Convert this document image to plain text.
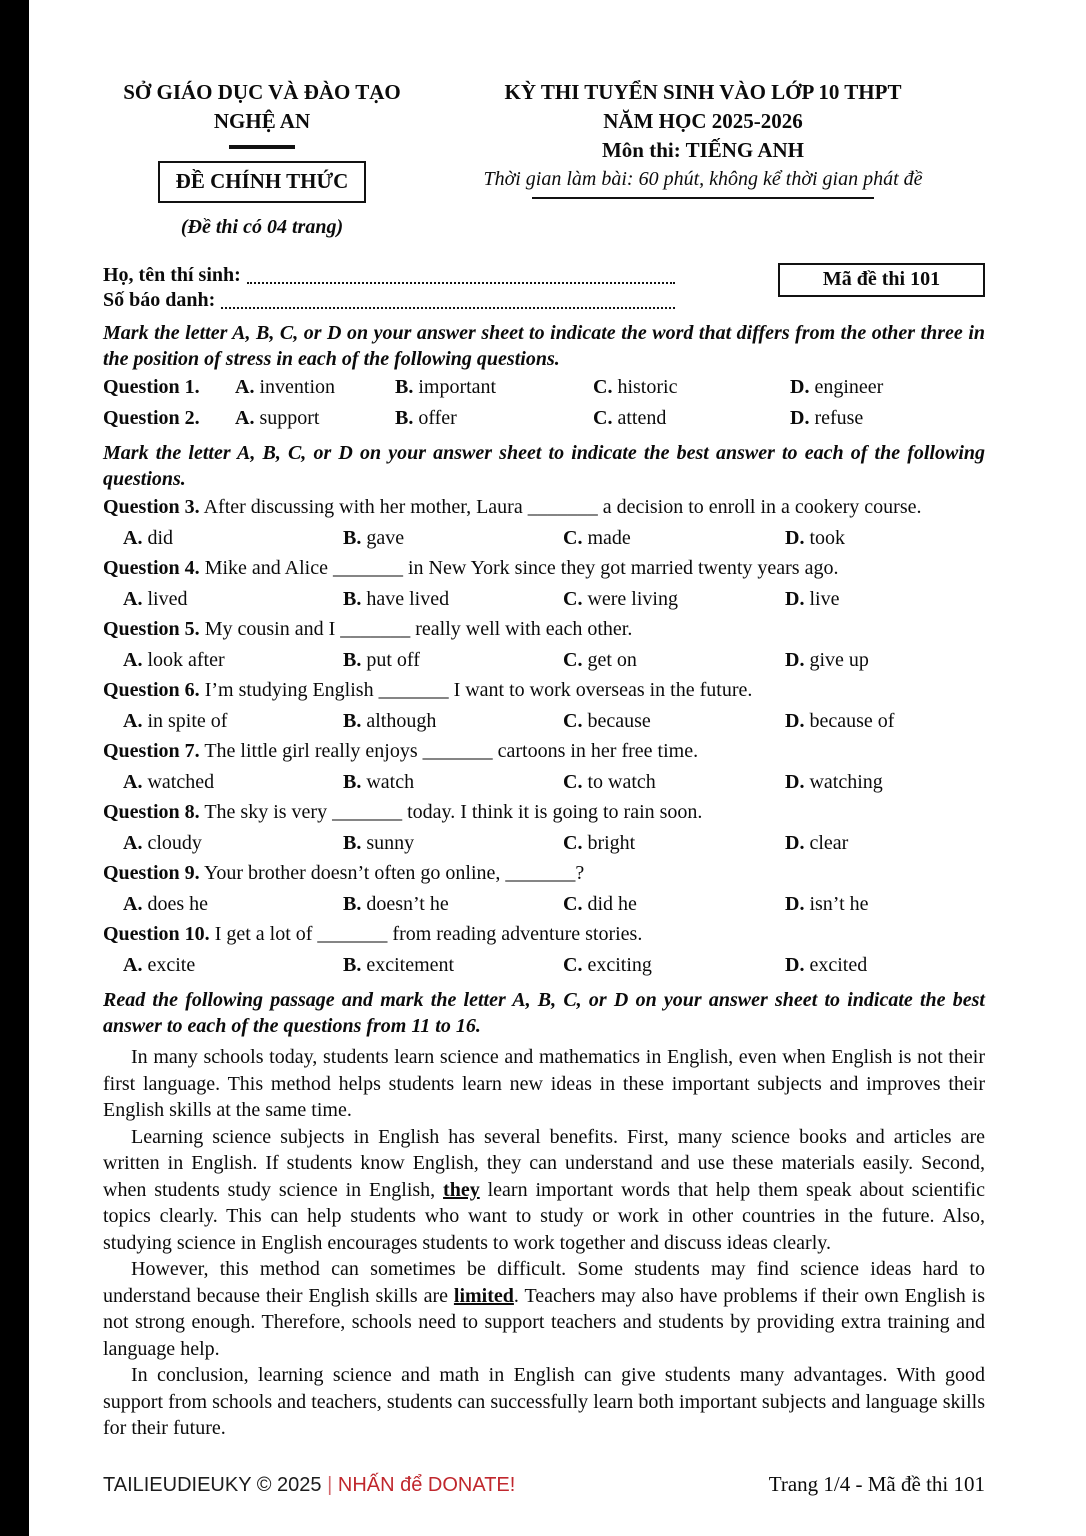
SỞ GIÁO DỤC VÀ ĐÀO TẠO
NGHỆ AN
ĐỀ CHÍNH THỨC
(Đề thi có 04 trang)
KỲ THI TUYỂN SINH VÀO LỚP 10 THPT
NĂM HỌC 2025-2026
Môn thi: TIẾNG ANH
Thời gian làm bài: 60 phút, không kể thời gian phát đề
Họ, tên thí sinh:
Số báo danh:
Mã đề thi 101
Mark the letter A, B, C, or D on your answer sheet to indicate the word that differs from the other three in the position of stress in each of the following questions.
Question 1.	A. invention	B. important	C. historic	D. engineer
Question 2.	A. support	B. offer	C. attend	D. refuse
Mark the letter A, B, C, or D on your answer sheet to indicate the best answer to each of the following questions.
Question 3. After discussing with her mother, Laura _______ a decision to enroll in a cookery course.
A. did	B. gave	C. made	D. took
Question 4. Mike and Alice _______ in New York since they got married twenty years ago.
A. lived	B. have lived	C. were living	D. live
Question 5. My cousin and I _______ really well with each other.
A. look after	B. put off	C. get on	D. give up
Question 6. I’m studying English _______ I want to work overseas in the future.
A. in spite of	B. although	C. because	D. because of
Question 7. The little girl really enjoys _______ cartoons in her free time.
A. watched	B. watch	C. to watch	D. watching
Question 8. The sky is very _______ today. I think it is going to rain soon.
A. cloudy	B. sunny	C. bright	D. clear
Question 9. Your brother doesn’t often go online, _______?
A. does he	B. doesn’t he	C. did he	D. isn’t he
Question 10. I get a lot of _______ from reading adventure stories.
A. excite	B. excitement	C. exciting	D. excited
Read the following passage and mark the letter A, B, C, or D on your answer sheet to indicate the best answer to each of the questions from 11 to 16.

In many schools today, students learn science and mathematics in English, even when English is not their first language. This method helps students learn new ideas in these important subjects and improves their English skills at the same time.

Learning science subjects in English has several benefits. First, many science books and articles are written in English. If students know English, they can understand and use these materials easily. Second, when students study science in English, they learn important words that help them speak about scientific topics clearly. This can help students who want to study or work in other countries in the future. Also, studying science in English encourages students to work together and discuss ideas clearly.

However, this method can sometimes be difficult. Some students may find science ideas hard to understand because their English skills are limited. Teachers may also have problems if their own English is not strong enough. Therefore, schools need to support teachers and students by providing extra training and language help.

In conclusion, learning science and math in English can give students many advantages. With good support from schools and teachers, students can successfully learn both important subjects and language skills for their future.

TAILIEUDIEUKY © 2025 | NHẤN để DONATE!	Trang 1/4 - Mã đề thi 101
